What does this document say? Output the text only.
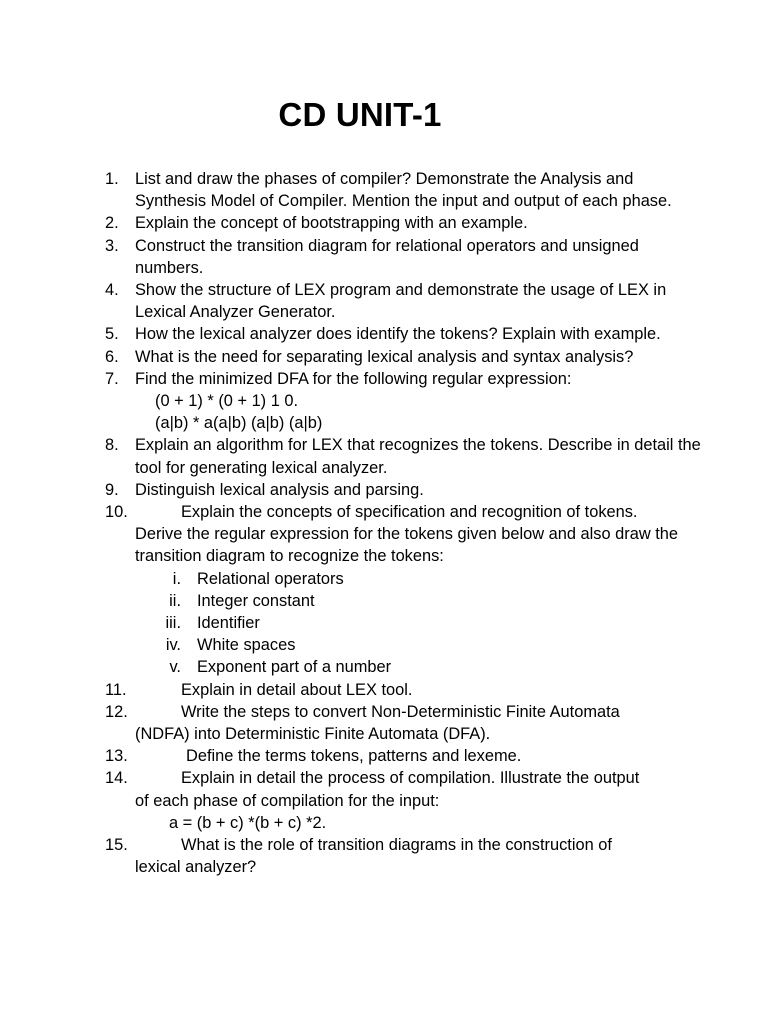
CD UNIT-1
1. List and draw the phases of compiler? Demonstrate the Analysis and Synthesis Model of Compiler. Mention the input and output of each phase.
2. Explain the concept of bootstrapping with an example.
3. Construct the transition diagram for relational operators and unsigned numbers.
4. Show the structure of LEX program and demonstrate the usage of LEX in Lexical Analyzer Generator.
5. How the lexical analyzer does identify the tokens? Explain with example.
6. What is the need for separating lexical analysis and syntax analysis?
7. Find the minimized DFA for the following regular expression:
(0 + 1) * (0 + 1) 1 0.
(a|b) * a(a|b) (a|b) (a|b)
8. Explain an algorithm for LEX that recognizes the tokens. Describe in detail the tool for generating lexical analyzer.
9. Distinguish lexical analysis and parsing.
10.	Explain the concepts of specification and recognition of tokens.
Derive the regular expression for the tokens given below and also draw the transition diagram to recognize the tokens:
i. Relational operators
ii. Integer constant
iii. Identifier
iv. White spaces
v. Exponent part of a number
11.	Explain in detail about LEX tool.
12.	Write the steps to convert Non-Deterministic Finite Automata
(NDFA) into Deterministic Finite Automata (DFA).
13.	Define the terms tokens, patterns and lexeme.
14.	Explain in detail the process of compilation. Illustrate the output
of each phase of compilation for the input:
a = (b + c) *(b + c) *2.
15.	What is the role of transition diagrams in the construction of
lexical analyzer?
